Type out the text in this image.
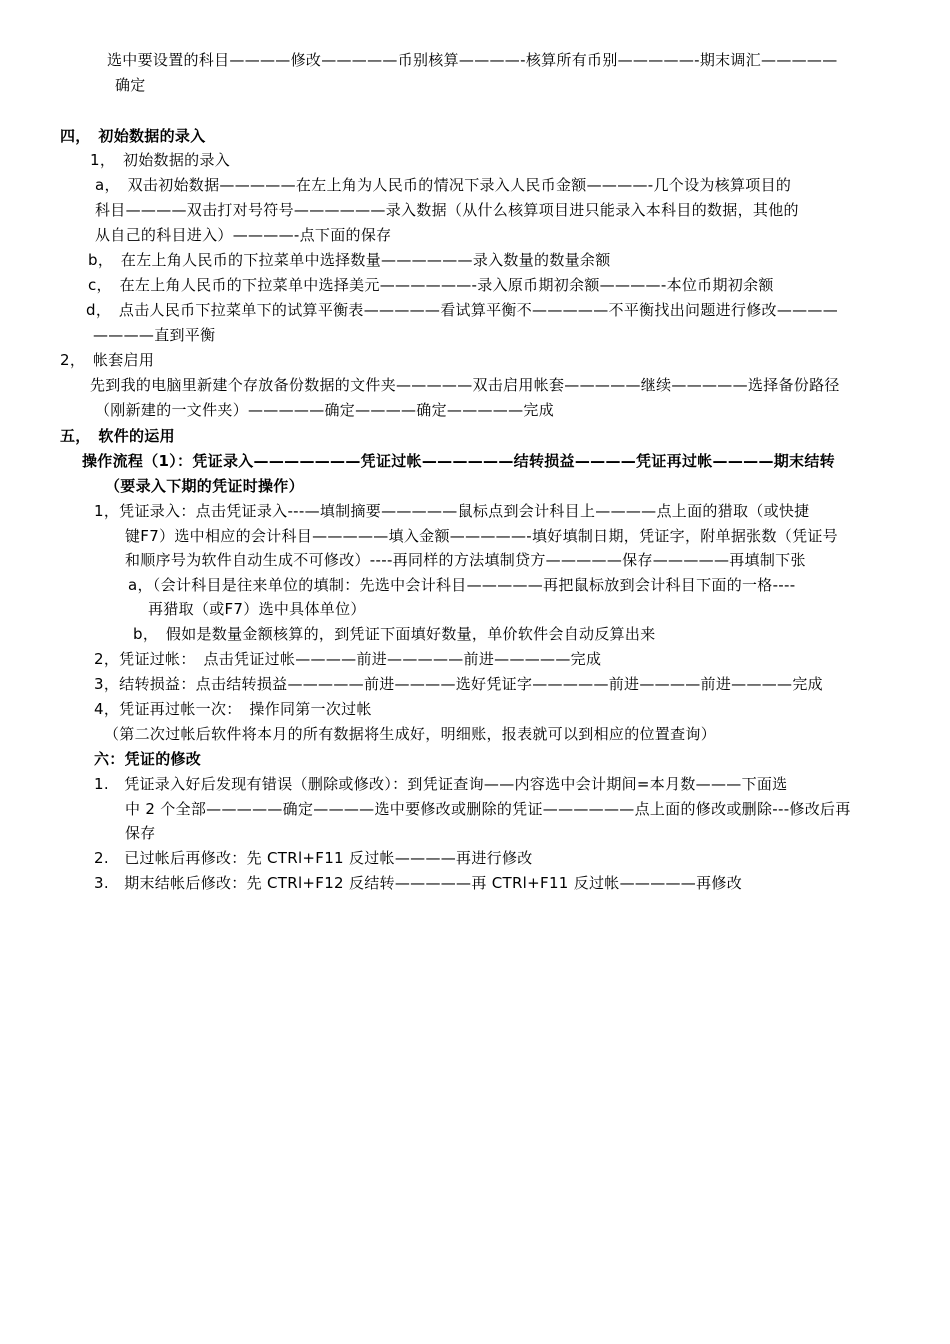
选中要设置的科目————修改—————币别核算————-核算所有币别—————-期末调汇—————
确定
四，　初始数据的录入
1，　初始数据的录入
a，　双击初始数据—————在左上角为人民币的情况下录入人民币金额————-几个设为核算项目的
科目————双击打对号符号——————录入数据（从什么核算项目进只能录入本科目的数据，其他的
从自己的科目进入）————-点下面的保存
b，　在左上角人民币的下拉菜单中选择数量——————录入数量的数量余额
c，　在左上角人民币的下拉菜单中选择美元——————-录入原币期初余额————-本位币期初余额
d，　点击人民币下拉菜单下的试算平衡表—————看试算平衡不—————不平衡找出问题进行修改————
————直到平衡
2，　帐套启用
先到我的电脑里新建个存放备份数据的文件夹—————双击启用帐套—————继续—————选择备份路径
（刚新建的一文件夹）—————确定————确定—————完成
五，　软件的运用
操作流程（1）：凭证录入———————凭证过帐——————结转损益————凭证再过帐————期末结转
（要录入下期的凭证时操作）
1，凭证录入：点击凭证录入---—填制摘要—————鼠标点到会计科目上————点上面的猎取（或快捷
键F7）选中相应的会计科目—————填入金额—————-填好填制日期，凭证字，附单据张数（凭证号
和顺序号为软件自动生成不可修改）----再同样的方法填制贷方—————保存—————再填制下张
a，（会计科目是往来单位的填制：先选中会计科目—————再把鼠标放到会计科目下面的一格----
再猎取（或F7）选中具体单位）
b，　假如是数量金额核算的，到凭证下面填好数量，单价软件会自动反算出来
2，凭证过帐：　点击凭证过帐————前进—————前进—————完成
3，结转损益：点击结转损益—————前进————选好凭证字—————前进————前进————完成
4，凭证再过帐一次：　操作同第一次过帐
（第二次过帐后软件将本月的所有数据将生成好，明细账，报表就可以到相应的位置查询）
六：凭证的修改
1.　凭证录入好后发现有错误（删除或修改）：到凭证查询——内容选中会计期间=本月数———下面选
中 2 个全部—————确定————选中要修改或删除的凭证——————点上面的修改或删除---修改后再
保存
2.　已过帐后再修改：先 CTRl+F11 反过帐————再进行修改
3.　期末结帐后修改：先 CTRl+F12 反结转—————再 CTRl+F11 反过帐—————再修改
